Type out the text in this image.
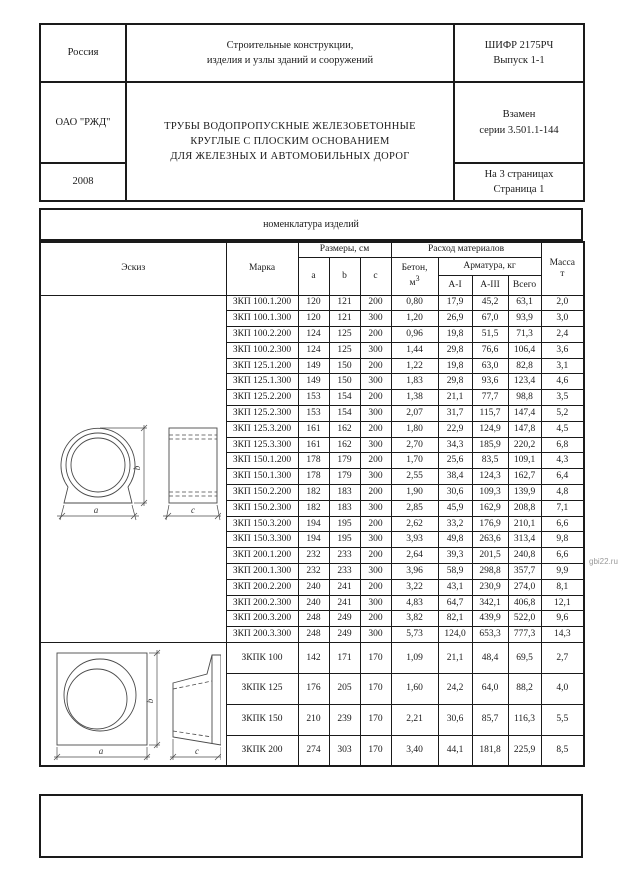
Россия	
Строительные конструкции,
изделия и узлы зданий и сооружений

ШИФР 2175РЧ
Выпуск 1-1

ОАО "РЖД"	ТРУБЫ ВОДОПРОПУСКНЫЕ ЖЕЛЕЗОБЕТОННЫЕ
КРУГЛЫЕ С ПЛОСКИМ ОСНОВАНИЕМ
ДЛЯ ЖЕЛЕЗНЫХ И АВТОМОБИЛЬНЫХ ДОРОГ

Взамен
серии 3.501.1-144

2008		На 3 страницах
Страница 1
номенклатура изделий
Эскиз	Марка	Размеры, см			Расход материалов				Масса
т

		a	b	c	Бетон,
$м^3$	Арматура, кг			
						А-I	А-III	Всего	

a
b
c	ЗКП 100.1.200	120	121	200	0,80	17,9	45,2	63,1	2,0
	ЗКП 100.1.300	120	121	300	1,20	26,9	67,0	93,9	3,0
	ЗКП 100.2.200	124	125	200	0,96	19,8	51,5	71,3	2,4
	ЗКП 100.2.300	124	125	300	1,44	29,8	76,6	106,4	3,6
	ЗКП 125.1.200	149	150	200	1,22	19,8	63,0	82,8	3,1
	ЗКП 125.1.300	149	150	300	1,83	29,8	93,6	123,4	4,6
	ЗКП 125.2.200	153	154	200	1,38	21,1	77,7	98,8	3,5
	ЗКП 125.2.300	153	154	300	2,07	31,7	115,7	147,4	5,2
	ЗКП 125.3.200	161	162	200	1,80	22,9	124,9	147,8	4,5
	ЗКП 125.3.300	161	162	300	2,70	34,3	185,9	220,2	6,8
	ЗКП 150.1.200	178	179	200	1,70	25,6	83,5	109,1	4,3
	ЗКП 150.1.300	178	179	300	2,55	38,4	124,3	162,7	6,4
	ЗКП 150.2.200	182	183	200	1,90	30,6	109,3	139,9	4,8
	ЗКП 150.2.300	182	183	300	2,85	45,9	162,9	208,8	7,1
	ЗКП 150.3.200	194	195	200	2,62	33,2	176,9	210,1	6,6
	ЗКП 150.3.300	194	195	300	3,93	49,8	263,6	313,4	9,8
	ЗКП 200.1.200	232	233	200	2,64	39,3	201,5	240,8	6,6
	ЗКП 200.1.300	232	233	300	3,96	58,9	298,8	357,7	9,9
	ЗКП 200.2.200	240	241	200	3,22	43,1	230,9	274,0	8,1
	ЗКП 200.2.300	240	241	300	4,83	64,7	342,1	406,8	12,1
	ЗКП 200.3.200	248	249	200	3,82	82,1	439,9	522,0	9,6
	ЗКП 200.3.300	248	249	300	5,73	124,0	653,3	777,3	14,3

a
b
c	ЗКПК 100	142	171	170	1,09	21,1	48,4	69,5	2,7
	ЗКПК 125	176	205	170	1,60	24,2	64,0	88,2	4,0
	ЗКПК 150	210	239	170	2,21	30,6	85,7	116,3	5,5
	ЗКПК 200	274	303	170	3,40	44,1	181,8	225,9	8,5
gbi22.ru
